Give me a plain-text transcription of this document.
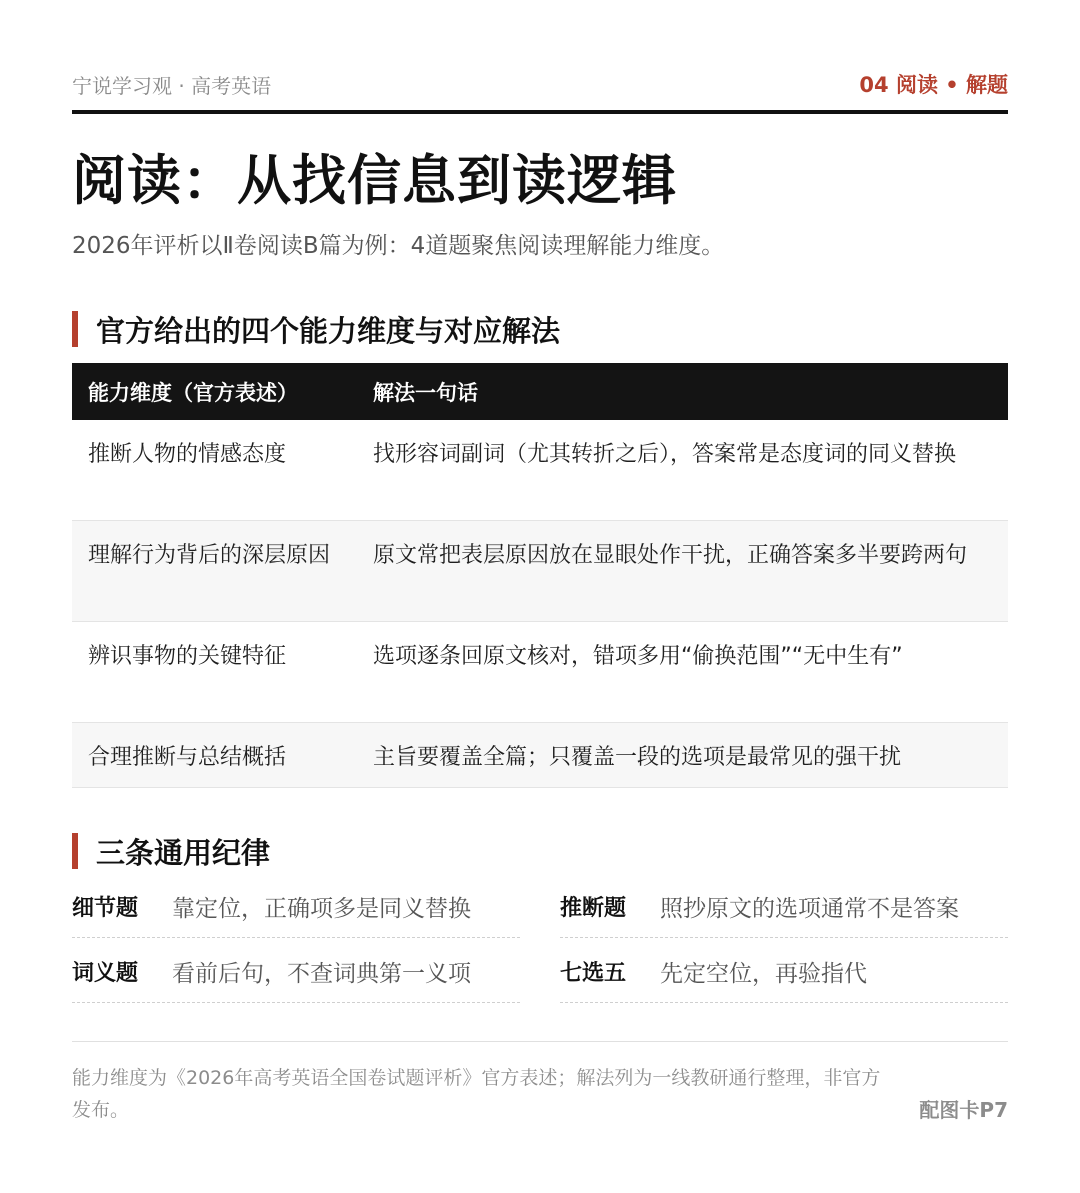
宁说学习观 · 高考英语	04 阅读 • 解题
阅读：从找信息到读逻辑

2026年评析以Ⅱ卷阅读B篇为例：4道题聚焦阅读理解能力维度。

官方给出的四个能力维度与对应解法
能力维度（官方表述）	解法一句话
推断人物的情感态度	找形容词副词（尤其转折之后），答案常是态度词的同义替换
理解行为背后的深层原因	原文常把表层原因放在显眼处作干扰，正确答案多半要跨两句
辨识事物的关键特征	选项逐条回原文核对，错项多用“偷换范围”“无中生有”
合理推断与总结概括	主旨要覆盖全篇；只覆盖一段的选项是最常见的强干扰
三条通用纪律
细节题	靠定位，正确项多是同义替换	推断题	照抄原文的选项通常不是答案
词义题	看前后句，不查词典第一义项	七选五	先定空位，再验指代

能力维度为《2026年高考英语全国卷试题评析》官方表述；解法列为一线教研通行整理，非官方发布。	配图卡P7
